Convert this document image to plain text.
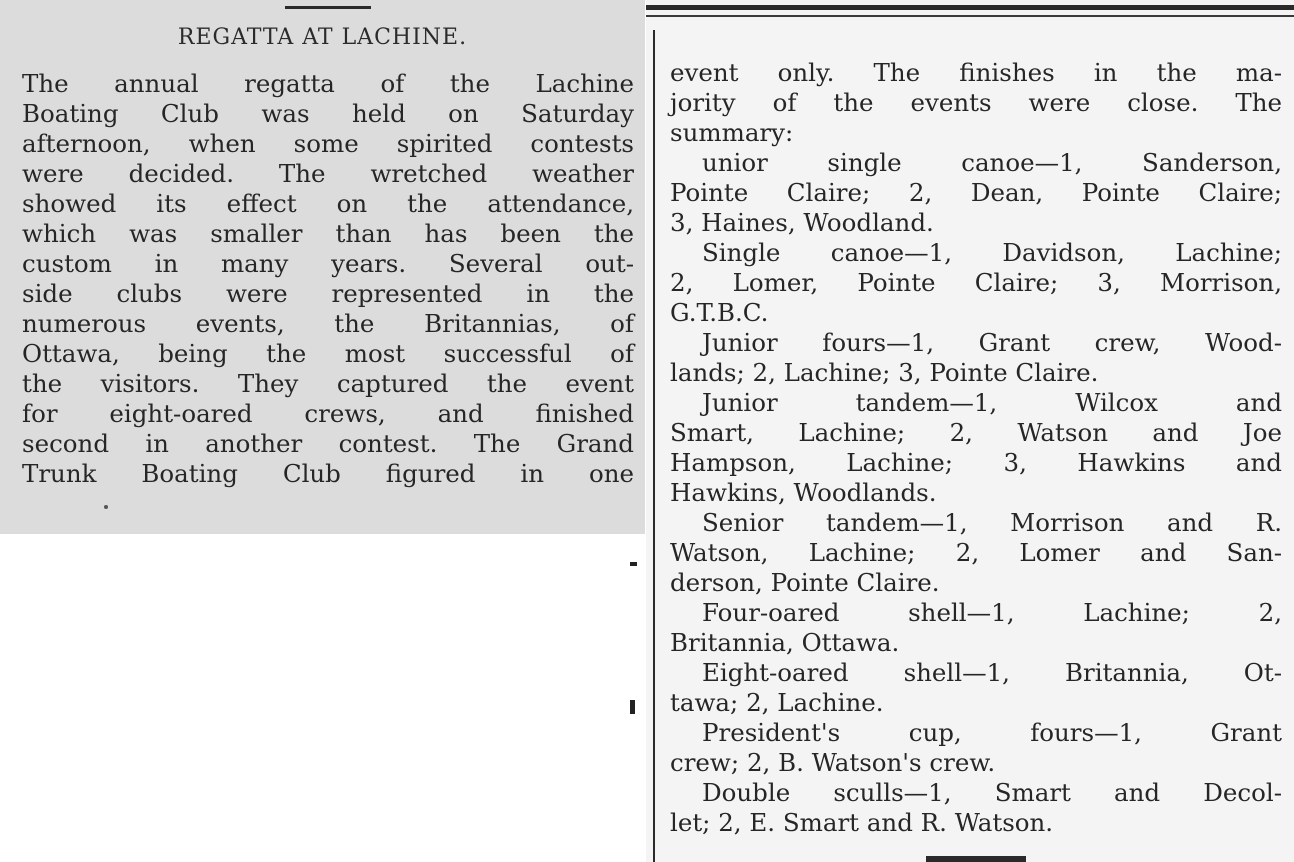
REGATTA AT LACHINE.
The annual regatta of the Lachine
Boating Club was held on Saturday
afternoon, when some spirited contests
were decided. The wretched weather
showed its effect on the attendance,
which was smaller than has been the
custom in many years. Several out-
side clubs were represented in the
numerous events, the Britannias, of
Ottawa, being the most successful of
the visitors. They captured the event
for eight-oared crews, and finished
second in another contest. The Grand
Trunk Boating Club figured in one
event only. The finishes in the ma-
jority of the events were close. The
summary:
unior single canoe—1, Sanderson,
Pointe Claire; 2, Dean, Pointe Claire;
3, Haines, Woodland.
Single canoe—1, Davidson, Lachine;
2, Lomer, Pointe Claire; 3, Morrison,
G.T.B.C.
Junior fours—1, Grant crew, Wood-
lands; 2, Lachine; 3, Pointe Claire.
Junior tandem—1, Wilcox and
Smart, Lachine; 2, Watson and Joe
Hampson, Lachine; 3, Hawkins and
Hawkins, Woodlands.
Senior tandem—1, Morrison and R.
Watson, Lachine; 2, Lomer and San-
derson, Pointe Claire.
Four-oared shell—1, Lachine; 2,
Britannia, Ottawa.
Eight-oared shell—1, Britannia, Ot-
tawa; 2, Lachine.
President's cup, fours—1, Grant
crew; 2, B. Watson's crew.
Double sculls—1, Smart and Decol-
let; 2, E. Smart and R. Watson.
